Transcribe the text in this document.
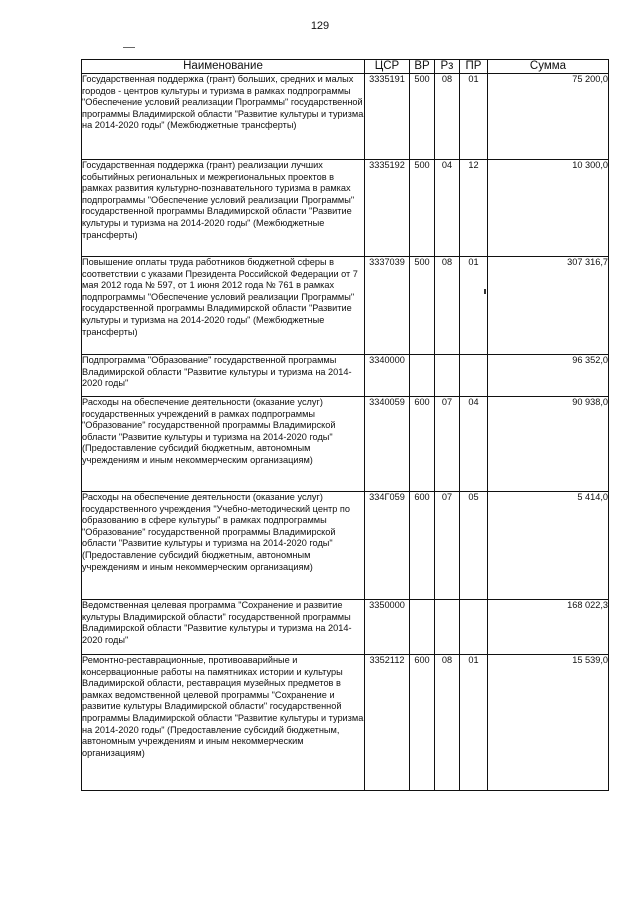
129
Наименование	ЦСР	ВР	Рз	ПР	Сумма
Государственная поддержка (грант) больших, средних и малых городов - центров культуры и туризма в рамках подпрограммы "Обеспечение условий реализации Программы" государственной программы Владимирской области "Развитие культуры и туризма на 2014-2020 годы" (Межбюджетные трансферты)	3335191	500	08	01	75 200,0
Государственная поддержка (грант) реализации лучших событийных региональных и межрегиональных проектов в рамках развития культурно-познавательного туризма в рамках подпрограммы "Обеспечение условий реализации Программы" государственной программы Владимирской области "Развитие культуры и туризма на 2014-2020 годы" (Межбюджетные трансферты)	3335192	500	04	12	10 300,0
Повышение оплаты труда работников бюджетной сферы в соответствии с указами Президента Российской Федерации от 7 мая 2012 года № 597, от 1 июня 2012 года № 761 в рамках подпрограммы "Обеспечение условий реализации Программы" государственной программы Владимирской области "Развитие культуры и туризма на 2014-2020 годы" (Межбюджетные трансферты)	3337039	500	08	01	307 316,7
Подпрограмма "Образование" государственной программы Владимирской области "Развитие культуры и туризма на 2014-2020 годы"	3340000				96 352,0
Расходы на обеспечение деятельности (оказание услуг) государственных учреждений в рамках подпрограммы "Образование" государственной программы Владимирской области "Развитие культуры и туризма на 2014-2020 годы" (Предоставление субсидий бюджетным, автономным учреждениям и иным некоммерческим организациям)	3340059	600	07	04	90 938,0
Расходы на обеспечение деятельности (оказание услуг) государственного учреждения "Учебно-методический центр по образованию в сфере культуры" в рамках подпрограммы "Образование" государственной программы Владимирской области "Развитие культуры и туризма на 2014-2020 годы" (Предоставление субсидий бюджетным, автономным учреждениям и иным некоммерческим организациям)	334Г059	600	07	05	5 414,0
Ведомственная целевая программа "Сохранение и развитие культуры Владимирской области" государственной программы Владимирской области "Развитие культуры и туризма на 2014-2020 годы"	3350000				168 022,3
Ремонтно-реставрационные, противоаварийные и консервационные работы на памятниках истории и культуры Владимирской области, реставрация музейных предметов в рамках ведомственной целевой программы "Сохранение и развитие культуры Владимирской области" государственной программы Владимирской области "Развитие культуры и туризма на 2014-2020 годы" (Предоставление субсидий бюджетным, автономным учреждениям и иным некоммерческим организациям)	3352112	600	08	01	15 539,0
